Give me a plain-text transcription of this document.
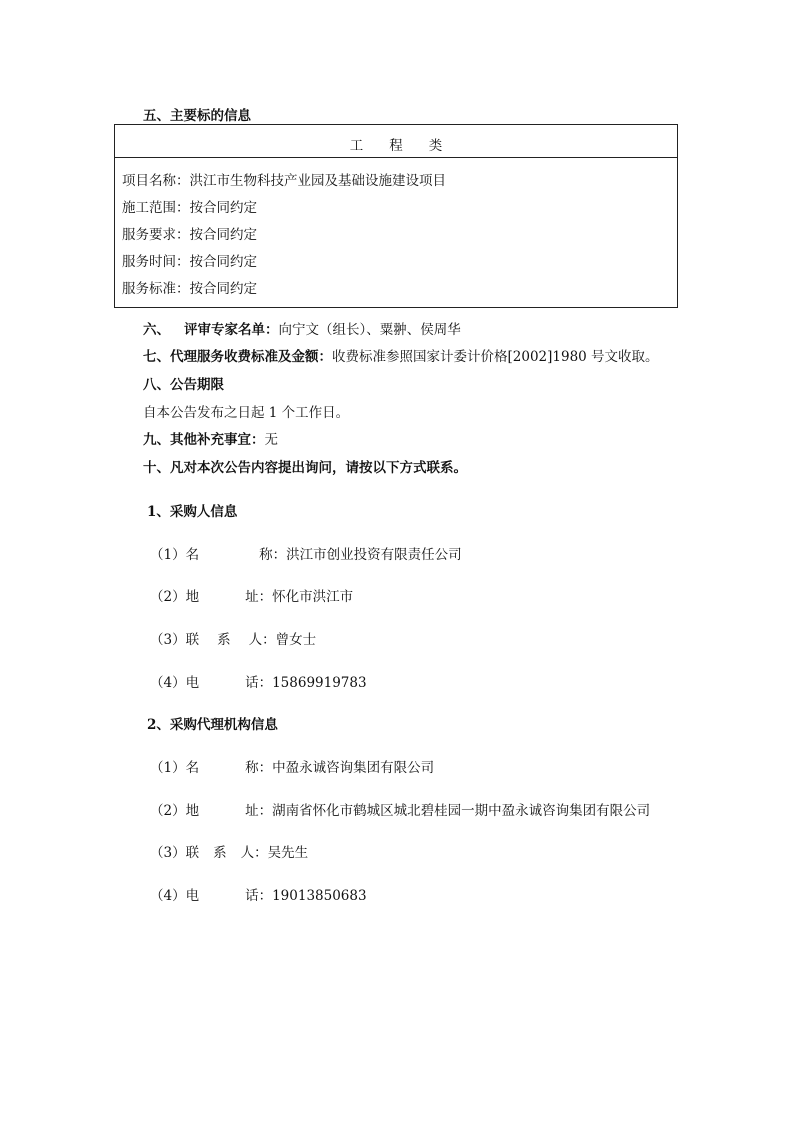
五、主要标的信息
工程类
项目名称：洪江市生物科技产业园及基础设施建设项目
施工范围：按合同约定
服务要求：按合同约定
服务时间：按合同约定
服务标准：按合同约定
六、 评审专家名单：向宁文（组长）、粟翀、侯周华
七、代理服务收费标准及金额：收费标准参照国家计委计价格[2002]1980 号文收取。
八、公告期限
自本公告发布之日起 1 个工作日。
九、其他补充事宜：无
十、凡对本次公告内容提出询问，请按以下方式联系。
1、采购人信息
（1）名	称：洪江市创业投资有限责任公司
（2）地	址：怀化市洪江市
（3）联 系 人：曾女士
（4）电	话：15869919783
2、采购代理机构信息
（1）名	称：中盈永诚咨询集团有限公司
（2）地	址：湖南省怀化市鹤城区城北碧桂园一期中盈永诚咨询集团有限公司
（3）联 系 人：吴先生
（4）电	话：19013850683
